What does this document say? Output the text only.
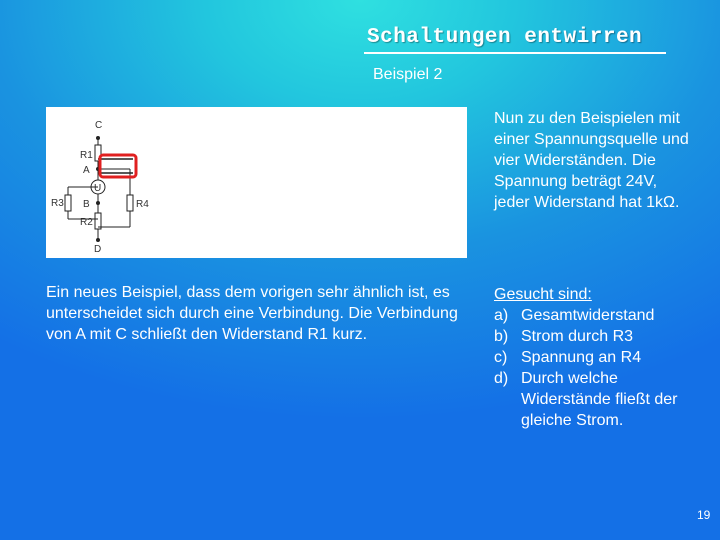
Schaltungen entwirren
Beispiel 2
C
R1
A
U
B
R2
D
R3	R4

Ein neues Beispiel, dass dem vorigen sehr ähnlich ist, es unterscheidet sich durch eine Verbindung. Die Verbindung von A mit C schließt den Widerstand R1 kurz.

Nun zu den Beispielen mit einer Spannungsquelle und vier Widerständen. Die Spannung beträgt 24V, jeder Widerstand hat 1kΩ.

Gesucht sind:
a) Gesamtwiderstand
b) Strom durch R3
c) Spannung an R4
d) Durch welche Widerstände fließt der gleiche Strom.
19
